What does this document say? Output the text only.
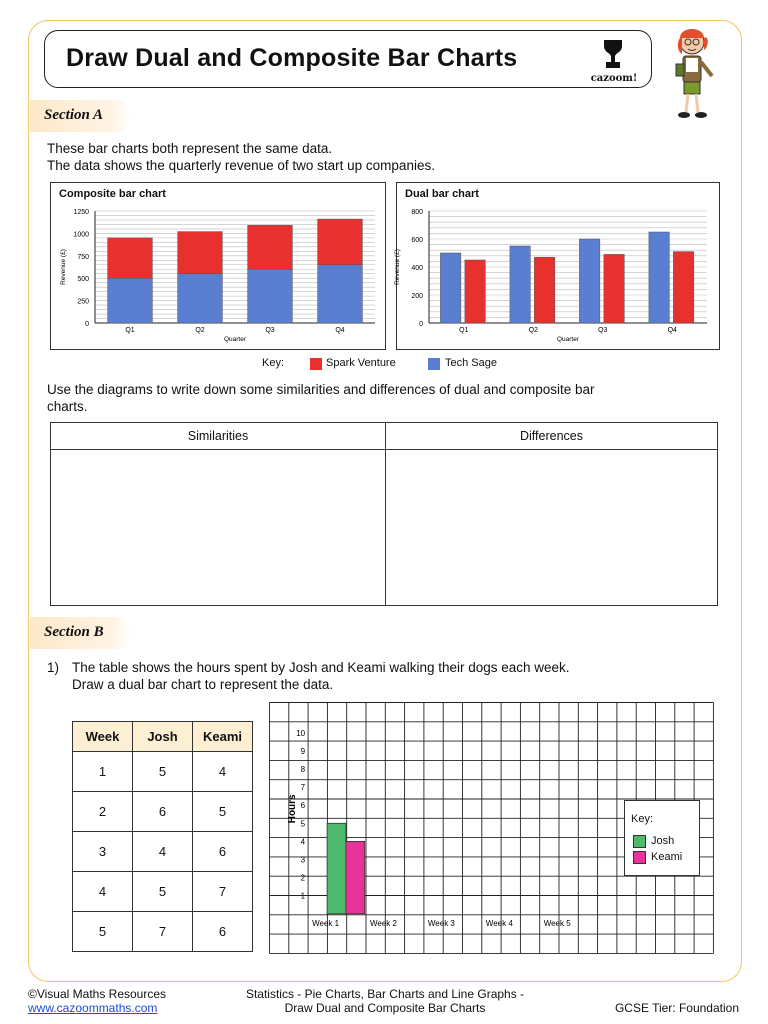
Draw Dual and Composite Bar Charts
cazoom!
Section A
These bar charts both represent the same data.
The data shows the quarterly revenue of two start up companies.
Composite bar chart
0
250
500
750
1000
1250
Q1	Q2	Q3	Q4
Quarter
Revenue (£)
Dual bar chart
0
200
400
600
800
Q1	Q2	Q3	Q4
Quarter
Revenue (£)
Key:	Spark Venture	Tech Sage
Use the diagrams to write down some similarities and differences of dual and composite bar
charts.
Similarities	Differences

Section B
1) The table shows the hours spent by Josh and Keami walking their dogs each week.
Draw a dual bar chart to represent the data.
Week	Josh	Keami
1	5	4
2	6	5
3	4	6
4	5	7
5	7	6
1
2
3
4
5
6
7
8
9
10
Hours
Week 1	Week 2	Week 3	Week 4	Week 5
Key:
Josh
Keami
©Visual Maths Resources
www.cazoommaths.com
Statistics - Pie Charts, Bar Charts and Line Graphs -
Draw Dual and Composite Bar Charts	GCSE Tier: Foundation
